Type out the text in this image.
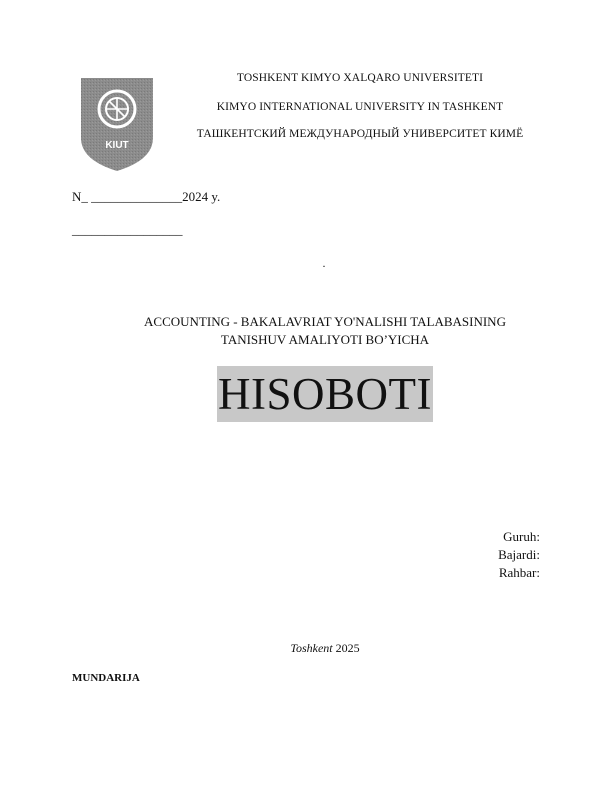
KIUT
TOSHKENT KIMYO XALQARO UNIVERSITETI
KIMYO INTERNATIONAL UNIVERSITY IN TASHKENT
ТАШКЕНТСКИЙ МЕЖДУНАРОДНЫЙ УНИВЕРСИТЕТ КИМЁ
N_ ______________2024 y.
_________________
.
ACCOUNTING - BAKALAVRIAT YO'NALISHI TALABASINING
TANISHUV AMALIYOTI BO’YICHA
HISOBOTI
Guruh:
Bajardi:
Rahbar:
Toshkent 2025
MUNDARIJA
